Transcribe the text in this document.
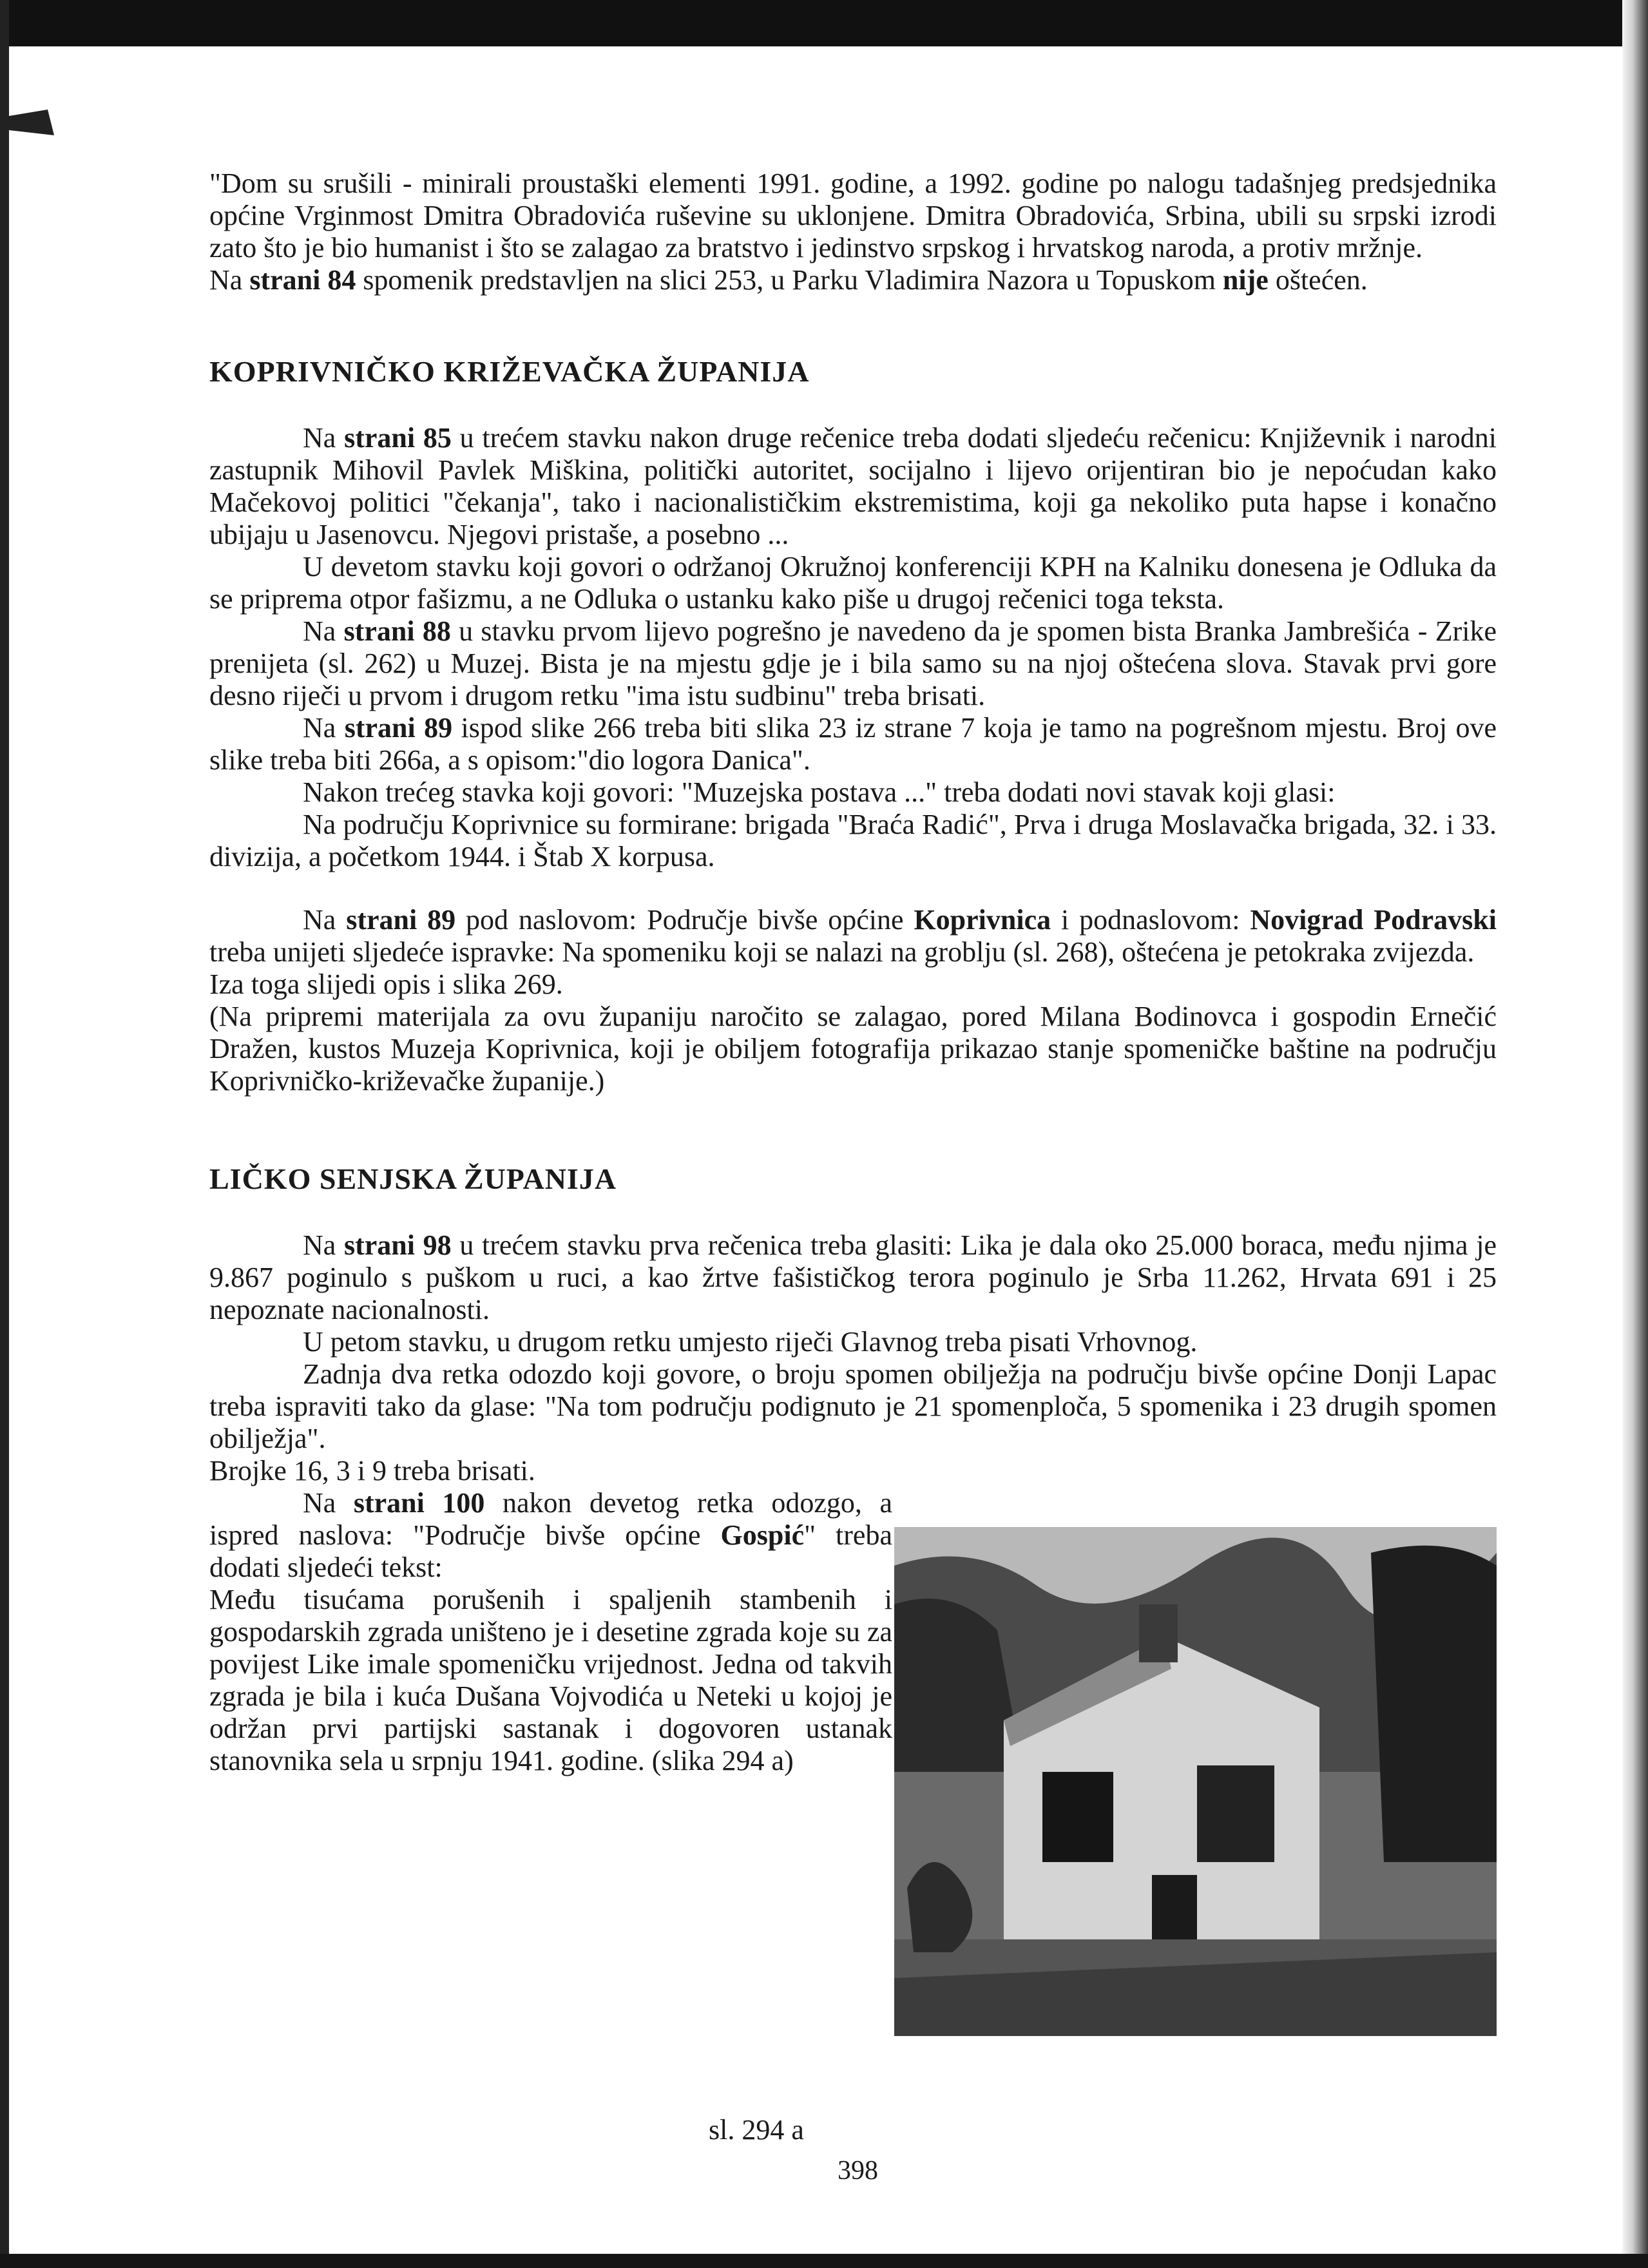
"Dom su srušili - minirali proustaški elementi 1991. godine, a 1992. godine po nalogu tadašnjeg predsjednika općine Vrginmost Dmitra Obradovića ruševine su uklonjene. Dmitra Obradovića, Srbina, ubili su srpski izrodi zato što je bio humanist i što se zalagao za bratstvo i jedinstvo srpskog i hrvatskog naroda, a protiv mržnje.

Na strani 84 spomenik predstavljen na slici 253, u Parku Vladimira Nazora u Topuskom nije oštećen.

KOPRIVNIČKO KRIŽEVAČKA ŽUPANIJA

Na strani 85 u trećem stavku nakon druge rečenice treba dodati sljedeću rečenicu: Književnik i narodni zastupnik Mihovil Pavlek Miškina, politički autoritet, socijalno i lijevo orijentiran bio je nepoćudan kako Mačekovoj politici "čekanja", tako i nacionalističkim ekstremistima, koji ga nekoliko puta hapse i konačno ubijaju u Jasenovcu. Njegovi pristaše, a posebno ...

U devetom stavku koji govori o održanoj Okružnoj konferenciji KPH na Kalniku donesena je Odluka da se priprema otpor fašizmu, a ne Odluka o ustanku kako piše u drugoj rečenici toga teksta.

Na strani 88 u stavku prvom lijevo pogrešno je navedeno da je spomen bista Branka Jambrešića - Zrike prenijeta (sl. 262) u Muzej. Bista je na mjestu gdje je i bila samo su na njoj oštećena slova. Stavak prvi gore desno riječi u prvom i drugom retku "ima istu sudbinu" treba brisati.

Na strani 89 ispod slike 266 treba biti slika 23 iz strane 7 koja je tamo na pogrešnom mjestu. Broj ove slike treba biti 266a, a s opisom:"dio logora Danica".

Nakon trećeg stavka koji govori: "Muzejska postava ..." treba dodati novi stavak koji glasi:

Na području Koprivnice su formirane: brigada "Braća Radić", Prva i druga Moslavačka brigada, 32. i 33. divizija, a početkom 1944. i Štab X korpusa.

Na strani 89 pod naslovom: Područje bivše općine Koprivnica i podnaslovom: Novigrad Podravski treba unijeti sljedeće ispravke: Na spomeniku koji se nalazi na groblju (sl. 268), oštećena je petokraka zvijezda.

Iza toga slijedi opis i slika 269.

(Na pripremi materijala za ovu županiju naročito se zalagao, pored Milana Bodinovca i gospodin Ernečić Dražen, kustos Muzeja Koprivnica, koji je obiljem fotografija prikazao stanje spomeničke baštine na području Koprivničko-križevačke županije.)

LIČKO SENJSKA ŽUPANIJA

Na strani 98 u trećem stavku prva rečenica treba glasiti: Lika je dala oko 25.000 boraca, među njima je 9.867 poginulo s puškom u ruci, a kao žrtve fašističkog terora poginulo je Srba 11.262, Hrvata 691 i 25 nepoznate nacionalnosti.

U petom stavku, u drugom retku umjesto riječi Glavnog treba pisati Vrhovnog.

Zadnja dva retka odozdo koji govore, o broju spomen obilježja na području bivše općine Donji Lapac treba ispraviti tako da glase: "Na tom području podignuto je 21 spomenploča, 5 spomenika i 23 drugih spomen obilježja".

Brojke 16, 3 i 9 treba brisati.

Na strani 100 nakon devetog retka odozgo, a ispred naslova: "Područje bivše općine Gospić" treba dodati sljedeći tekst:

Među tisućama porušenih i spaljenih stambenih i gospodarskih zgrada uništeno je i desetine zgrada koje su za povijest Like imale spomeničku vrijednost. Jedna od takvih zgrada je bila i kuća Dušana Vojvodića u Neteki u kojoj je održan prvi partijski sastanak i dogovoren ustanak stanovnika sela u srpnju 1941. godine. (slika 294 a)

sl. 294 a
398
